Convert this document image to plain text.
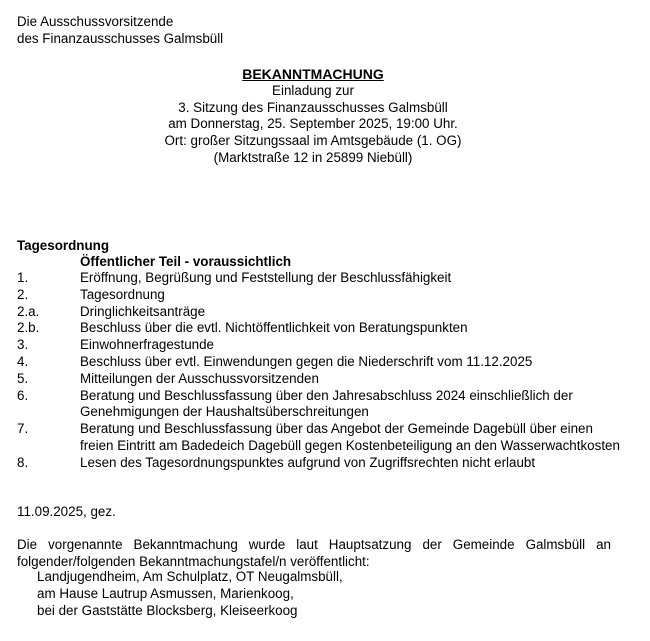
Die Ausschussvorsitzende
des Finanzausschusses Galmsbüll
BEKANNTMACHUNG
Einladung zur
3. Sitzung des Finanzausschusses Galmsbüll
am Donnerstag, 25. September 2025, 19:00 Uhr.
Ort: großer Sitzungssaal im Amtsgebäude (1. OG)
(Marktstraße 12 in 25899 Niebüll)
Tagesordnung
Öffentlicher Teil - voraussichtlich
1.	Eröffnung, Begrüßung und Feststellung der Beschlussfähigkeit
2.	Tagesordnung
2.a.	Dringlichkeitsanträge
2.b.	Beschluss über die evtl. Nichtöffentlichkeit von Beratungspunkten
3.	Einwohnerfragestunde
4.	Beschluss über evtl. Einwendungen gegen die Niederschrift vom 11.12.2025
5.	Mitteilungen der Ausschussvorsitzenden
6.	Beratung und Beschlussfassung über den Jahresabschluss 2024 einschließlich der Genehmigungen der Haushaltsüberschreitungen
7.	Beratung und Beschlussfassung über das Angebot der Gemeinde Dagebüll über einen freien Eintritt am Badedeich Dagebüll gegen Kostenbeteiligung an den Wasserwachtkosten
8.	Lesen des Tagesordnungspunktes aufgrund von Zugriffsrechten nicht erlaubt
11.09.2025, gez.
Die vorgenannte Bekanntmachung wurde laut Hauptsatzung der Gemeinde Galmsbüll an folgender/folgenden Bekanntmachungstafel/n veröffentlicht:
Landjugendheim, Am Schulplatz, OT Neugalmsbüll,
am Hause Lautrup Asmussen, Marienkoog,
bei der Gaststätte Blocksberg, Kleiseerkoog
